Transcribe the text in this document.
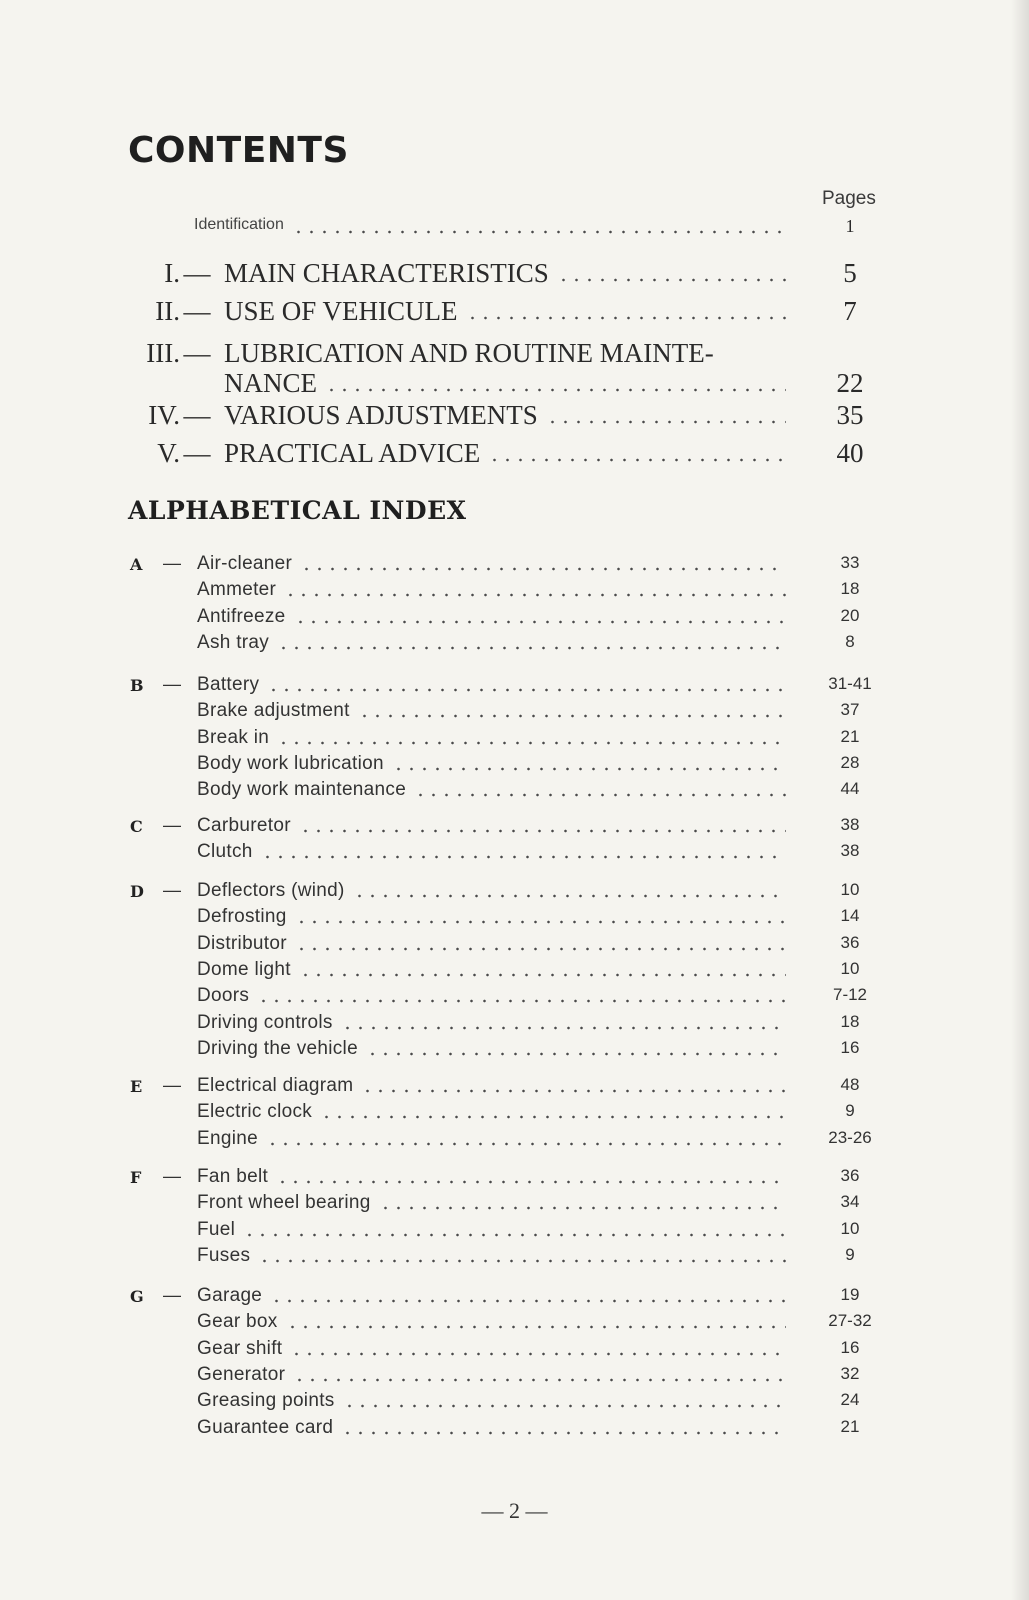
CONTENTS
Pages
Identification	1
I. — MAIN CHARACTERISTICS	5
II. — USE OF VEHICULE	7
III. — LUBRICATION AND ROUTINE MAINTE-
NANCE	22
IV. — VARIOUS ADJUSTMENTS	35
V. — PRACTICAL ADVICE	40
ALPHABETICAL INDEX
A	— Air-cleaner	33
Ammeter	18
Antifreeze	20
Ash tray	8
B	— Battery	31-41
Brake adjustment	37
Break in	21
Body work lubrication	28
Body work maintenance	44
C	— Carburetor	38
Clutch	38
D	— Deflectors (wind)	10
Defrosting	14
Distributor	36
Dome light	10
Doors	7-12
Driving controls	18
Driving the vehicle	16
E	— Electrical diagram	48
Electric clock	9
Engine	23-26
F	— Fan belt	36
Front wheel bearing	34
Fuel	10
Fuses	9
G	— Garage	19
Gear box	27-32
Gear shift	16
Generator	32
Greasing points	24
Guarantee card	21
— 2 —
